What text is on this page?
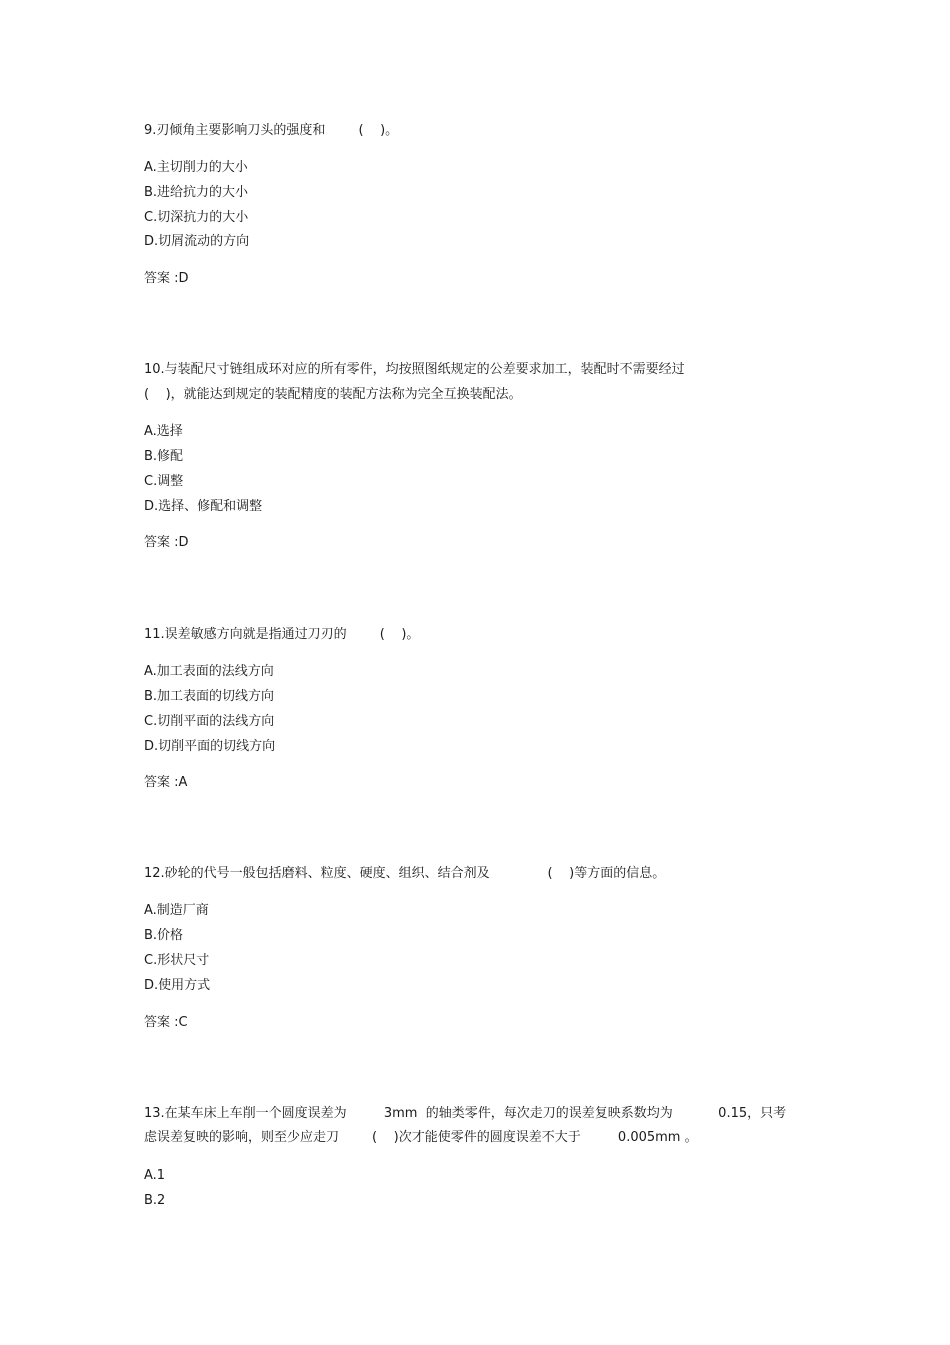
9.刃倾角主要影响刀头的强度和        (    )。
A.主切削力的大小
B.进给抗力的大小
C.切深抗力的大小
D.切屑流动的方向
答案 :D
10.与装配尺寸链组成环对应的所有零件，均按照图纸规定的公差要求加工，装配时不需要经过
(    )，就能达到规定的装配精度的装配方法称为完全互换装配法。
A.选择
B.修配
C.调整
D.选择、修配和调整
答案 :D
11.误差敏感方向就是指通过刀刃的        (    )。
A.加工表面的法线方向
B.加工表面的切线方向
C.切削平面的法线方向
D.切削平面的切线方向
答案 :A
12.砂轮的代号一般包括磨料、粒度、硬度、组织、结合剂及              (    )等方面的信息。
A.制造厂商
B.价格
C.形状尺寸
D.使用方式
答案 :C
13.在某车床上车削一个圆度误差为         3mm  的轴类零件，每次走刀的误差复映系数均为           0.15，只考
虑误差复映的影响，则至少应走刀        (    )次才能使零件的圆度误差不大于         0.005mm 。
A.1
B.2
